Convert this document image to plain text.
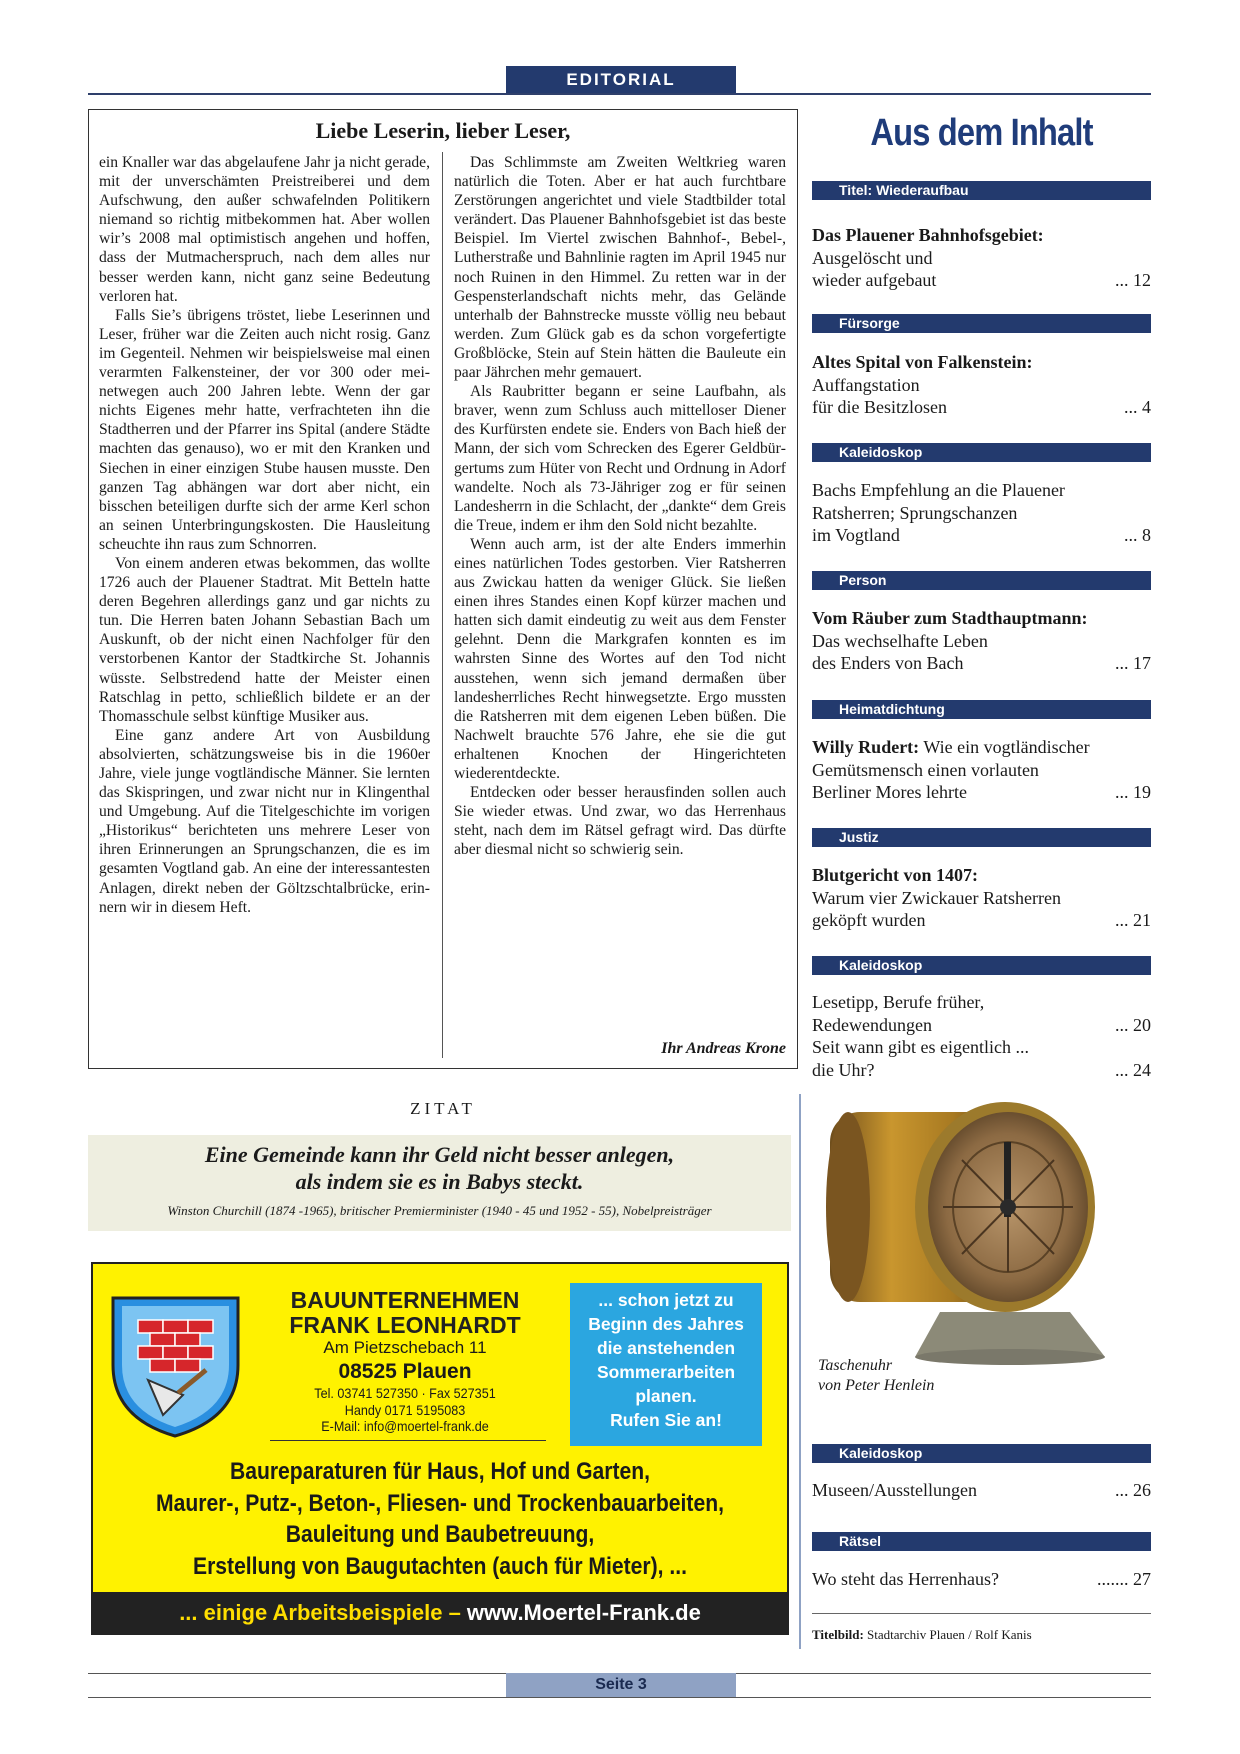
EDITORIAL
Liebe Leserin, lieber Leser,

ein Knaller war das abgelaufene Jahr ja nicht gerade, mit der unverschämten Preistreiberei und dem Aufschwung, den außer schwafelnden Politikern niemand so richtig mitbekommen hat. Aber wollen wir’s 2008 mal optimistisch angehen und hoffen, dass der Mutmacherspruch, nach dem alles nur besser werden kann, nicht ganz seine Bedeutung verloren hat.

Falls Sie’s übrigens tröstet, liebe Leserinnen und Leser, früher war die Zeiten auch nicht rosig. Ganz im Gegenteil. Nehmen wir beispielsweise mal einen verarmten Falkensteiner, der vor 300 oder meinetwegen auch 200 Jahren lebte. Wenn der gar nichts Eigenes mehr hatte, verfrachteten ihn die Stadtherren und der Pfarrer ins Spital (andere Städte machten das genauso), wo er mit den Kranken und Siechen in einer einzigen Stube hausen musste. Den ganzen Tag abhängen war dort aber nicht, ein bisschen beteiligen durfte sich der arme Kerl schon an seinen Unterbringungskosten. Die Hausleitung scheuchte ihn raus zum Schnorren.

Von einem anderen etwas bekommen, das wollte 1726 auch der Plauener Stadtrat. Mit Betteln hatte deren Begehren allerdings ganz und gar nichts zu tun. Die Herren baten Johann Sebastian Bach um Auskunft, ob der nicht einen Nachfolger für den verstorbenen Kantor der Stadtkirche St. Johannis wüsste. Selbstredend hatte der Meister einen Ratschlag in petto, schließlich bildete er an der Thomasschule selbst künftige Musiker aus.

Eine ganz andere Art von Ausbildung absolvierten, schätzungsweise bis in die 1960er Jahre, viele junge vogtländische Männer. Sie lernten das Skispringen, und zwar nicht nur in Klingenthal und Umgebung. Auf die Titelgeschichte im vorigen „Historikus“ berichteten uns mehrere Leser von ihren Erinnerungen an Sprungschanzen, die es im gesamten Vogtland gab. An eine der interessantesten Anlagen, direkt neben der Göltzschtalbrücke, erinnern wir in diesem Heft.

Das Schlimmste am Zweiten Weltkrieg waren natürlich die Toten. Aber er hat auch furchtbare Zerstörungen angerichtet und viele Stadtbilder total verändert. Das Plauener Bahnhofsgebiet ist das beste Beispiel. Im Viertel zwischen Bahnhof-, Bebel-, Lutherstraße und Bahnlinie ragten im April 1945 nur noch Ruinen in den Himmel. Zu retten war in der Gespensterlandschaft nichts mehr, das Gelände unterhalb der Bahnstrecke musste völlig neu bebaut werden. Zum Glück gab es da schon vorgefertigte Großblöcke, Stein auf Stein hätten die Bauleute ein paar Jährchen mehr gemauert.

Als Raubritter begann er seine Laufbahn, als braver, wenn zum Schluss auch mittelloser Diener des Kurfürsten endete sie. Enders von Bach hieß der Mann, der sich vom Schrecken des Egerer Geldbürgertums zum Hüter von Recht und Ordnung in Adorf wandelte. Noch als 73-Jähriger zog er für seinen Landesherrn in die Schlacht, der „dankte“ dem Greis die Treue, indem er ihm den Sold nicht bezahlte.

Wenn auch arm, ist der alte Enders immerhin eines natürlichen Todes gestorben. Vier Ratsherren aus Zwickau hatten da weniger Glück. Sie ließen einen ihres Standes einen Kopf kürzer machen und hatten sich damit eindeutig zu weit aus dem Fenster gelehnt. Denn die Markgrafen konnten es im wahrsten Sinne des Wortes auf den Tod nicht ausstehen, wenn sich jemand dermaßen über landesherrliches Recht hinwegsetzte. Ergo mussten die Ratsherren mit dem eigenen Leben büßen. Die Nachwelt brauchte 576 Jahre, ehe sie die gut erhaltenen Knochen der Hingerichteten wiederentdeckte.

Entdecken oder besser herausfinden sollen auch Sie wieder etwas. Und zwar, wo das Herrenhaus steht, nach dem im Rätsel gefragt wird. Das dürfte aber diesmal nicht so schwierig sein.

Ihr Andreas Krone
Aus dem Inhalt
Titel: Wiederaufbau
Das Plauener Bahnhofsgebiet:
Ausgelöscht und
wieder aufgebaut	... 12
Fürsorge
Altes Spital von Falkenstein:
Auffangstation
für die Besitzlosen	... 4
Kaleidoskop
Bachs Empfehlung an die Plauener
Ratsherren; Sprungschanzen
im Vogtland	... 8
Person
Vom Räuber zum Stadthauptmann:
Das wechselhafte Leben
des Enders von Bach	... 17
Heimatdichtung
Willy Rudert: Wie ein vogtländischer
Gemütsmensch einen vorlauten
Berliner Mores lehrte	... 19
Justiz
Blutgericht von 1407:
Warum vier Zwickauer Ratsherren
geköpft wurden	... 21
Kaleidoskop
Lesetipp, Berufe früher,
Redewendungen	... 20
Seit wann gibt es eigentlich ...
die Uhr?	... 24
Taschenuhr
von Peter Henlein
Kaleidoskop
Museen/Ausstellungen	... 26
Rätsel
Wo steht das Herrenhaus?	....... 27
Titelbild: Stadtarchiv Plauen / Rolf Kanis
ZITAT
Eine Gemeinde kann ihr Geld nicht besser anlegen,
als indem sie es in Babys steckt.
Winston Churchill (1874 -1965), britischer Premierminister (1940 - 45 und 1952 - 55), Nobelpreisträger
BAUUNTERNEHMEN
FRANK LEONHARDT
Am Pietzschebach 11
08525 Plauen
Tel. 03741 527350 · Fax 527351
Handy 0171 5195083
E-Mail: info@moertel-frank.de
... schon jetzt zu
Beginn des Jahres
die anstehenden
Sommerarbeiten
planen.
Rufen Sie an!
Baureparaturen für Haus, Hof und Garten,
Maurer-, Putz-, Beton-, Fliesen- und Trockenbauarbeiten,
Bauleitung und Baubetreuung,
Erstellung von Baugutachten (auch für Mieter), ...
... einige Arbeitsbeispiele – www.Moertel-Frank.de
Seite 3
